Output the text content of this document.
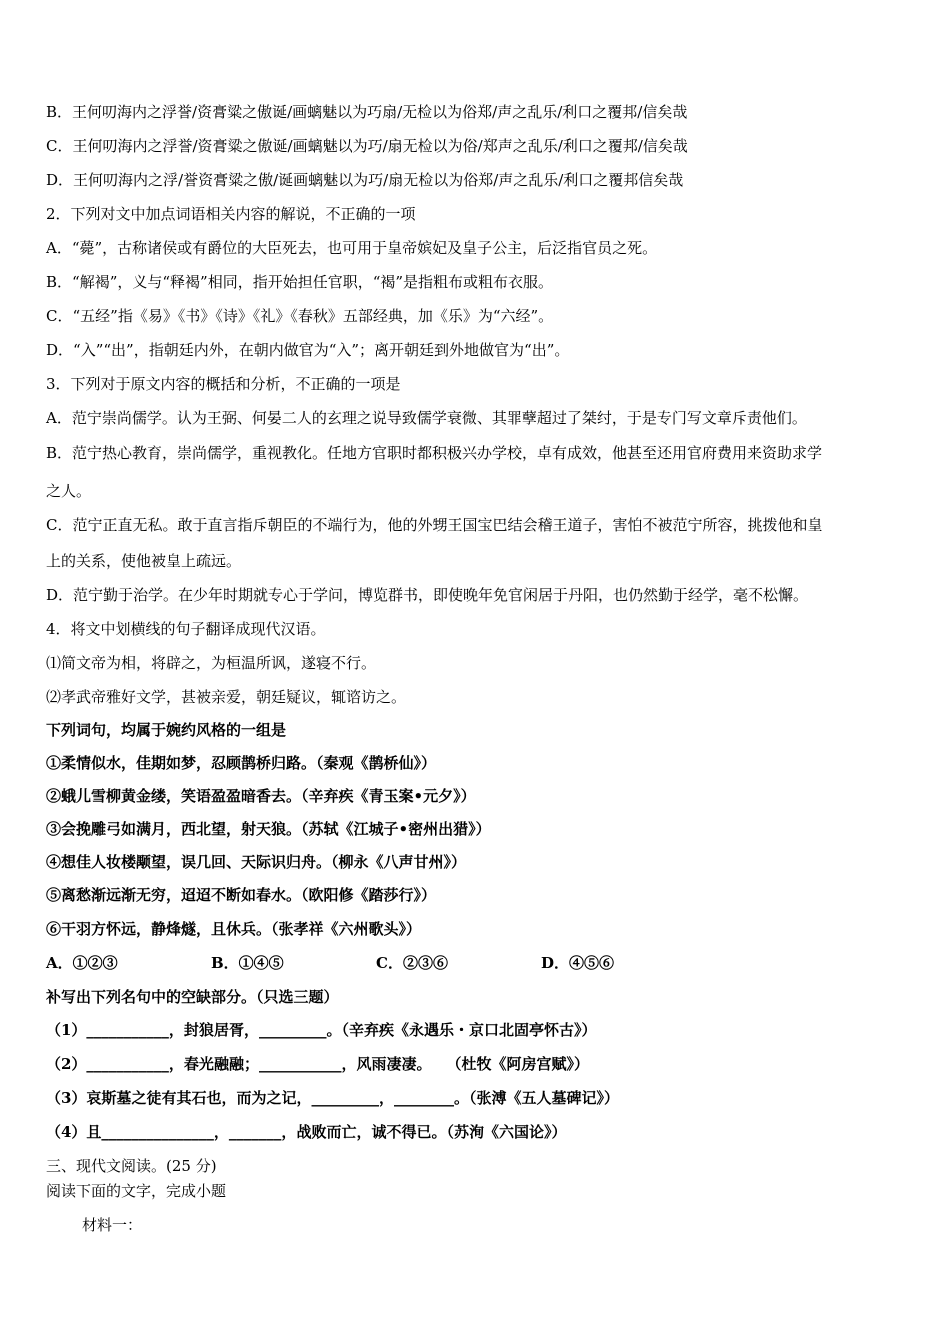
B．王何叨海内之浮誉/资膏粱之傲诞/画螭魅以为巧扇/无检以为俗郑/声之乱乐/利口之覆邦/信矣哉
C．王何叨海内之浮誉/资膏粱之傲诞/画螭魅以为巧/扇无检以为俗/郑声之乱乐/利口之覆邦/信矣哉
D．王何叨海内之浮/誉资膏粱之傲/诞画螭魅以为巧/扇无检以为俗郑/声之乱乐/利口之覆邦信矣哉
2．下列对文中加点词语相关内容的解说，不正确的一项
A．“薨”，古称诸侯或有爵位的大臣死去，也可用于皇帝嫔妃及皇子公主，后泛指官员之死。
B．“解褐”，义与“释褐”相同，指开始担任官职，“褐”是指粗布或粗布衣服。
C．“五经”指《易》《书》《诗》《礼》《春秋》五部经典，加《乐》为“六经”。
D．“入”“出”，指朝廷内外，在朝内做官为“入”；离开朝廷到外地做官为“出”。
3．下列对于原文内容的概括和分析，不正确的一项是
A．范宁崇尚儒学。认为王弼、何晏二人的玄理之说导致儒学衰微、其罪孽超过了桀纣，于是专门写文章斥责他们。
B．范宁热心教育，崇尚儒学，重视教化。任地方官职时都积极兴办学校，卓有成效，他甚至还用官府费用来资助求学
之人。
C．范宁正直无私。敢于直言指斥朝臣的不端行为，他的外甥王国宝巴结会稽王道子，害怕不被范宁所容，挑拨他和皇
上的关系，使他被皇上疏远。
D．范宁勤于治学。在少年时期就专心于学问，博览群书，即使晚年免官闲居于丹阳，也仍然勤于经学，毫不松懈。
4．将文中划横线的句子翻译成现代汉语。
⑴简文帝为相，将辟之，为桓温所讽，遂寝不行。
⑵孝武帝雅好文学，甚被亲爱，朝廷疑议，辄谘访之。
下列词句，均属于婉约风格的一组是
①柔情似水，佳期如梦，忍顾鹊桥归路。（秦观《鹊桥仙》）
②蛾儿雪柳黄金缕，笑语盈盈暗香去。（辛弃疾《青玉案•元夕》）
③会挽雕弓如满月，西北望，射天狼。（苏轼《江城子•密州出猎》）
④想佳人妆楼颙望，误几回、天际识归舟。（柳永《八声甘州》）
⑤离愁渐远渐无穷，迢迢不断如春水。（欧阳修《踏莎行》）
⑥干羽方怀远，静烽燧，且休兵。（张孝祥《六州歌头》）
A．①②③	B．①④⑤	C．②③⑥	D．④⑤⑥
补写出下列名句中的空缺部分。（只选三题）
（1）___________，封狼居胥，_________。（辛弃疾《永遇乐・京口北固亭怀古》）
（2）___________，春光融融；___________，风雨凄凄。　　（杜牧《阿房宫赋》）
（3）哀斯墓之徒有其石也，而为之记，_________，________。（张溥《五人墓碑记》）
（4）且_______________，_______，战败而亡，诚不得已。（苏洵《六国论》）
三、现代文阅读。(25 分)
阅读下面的文字，完成小题
材料一：
